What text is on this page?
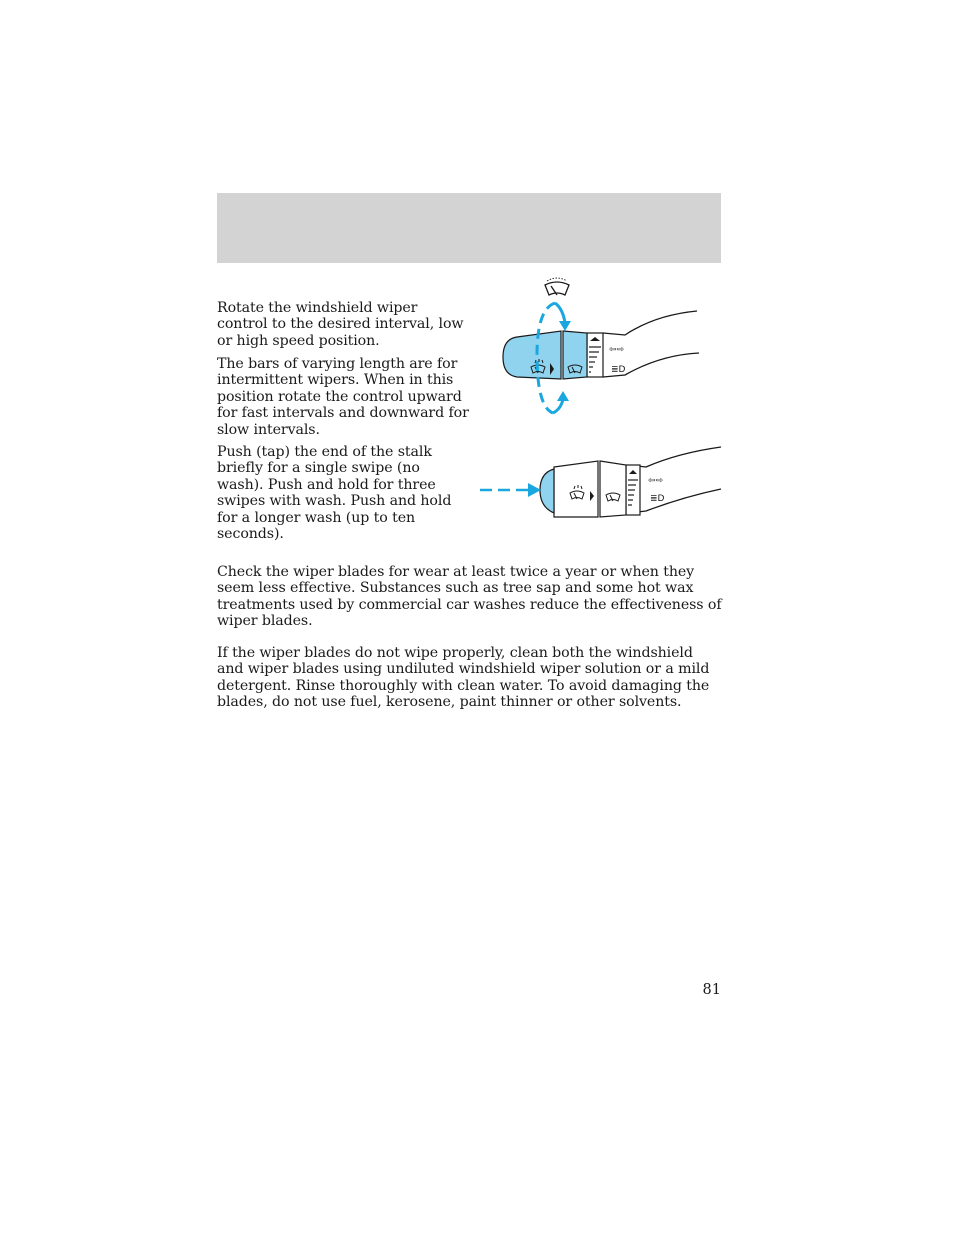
Rotate the windshield wiper control to the desired interval, low or high speed position.

The bars of varying length are for intermittent wipers. When in this position rotate the control upward for fast intervals and downward for slow intervals.

Push (tap) the end of the stalk briefly for a single swipe (no wash). Push and hold for three swipes with wash. Push and hold for a longer wash (up to ten seconds).

⇦⇨
≣D
⇦⇨
≣D

Check the wiper blades for wear at least twice a year or when they seem less effective. Substances such as tree sap and some hot wax treatments used by commercial car washes reduce the effectiveness of wiper blades.

If the wiper blades do not wipe properly, clean both the windshield and wiper blades using undiluted windshield wiper solution or a mild detergent. Rinse thoroughly with clean water. To avoid damaging the blades, do not use fuel, kerosene, paint thinner or other solvents.

81
